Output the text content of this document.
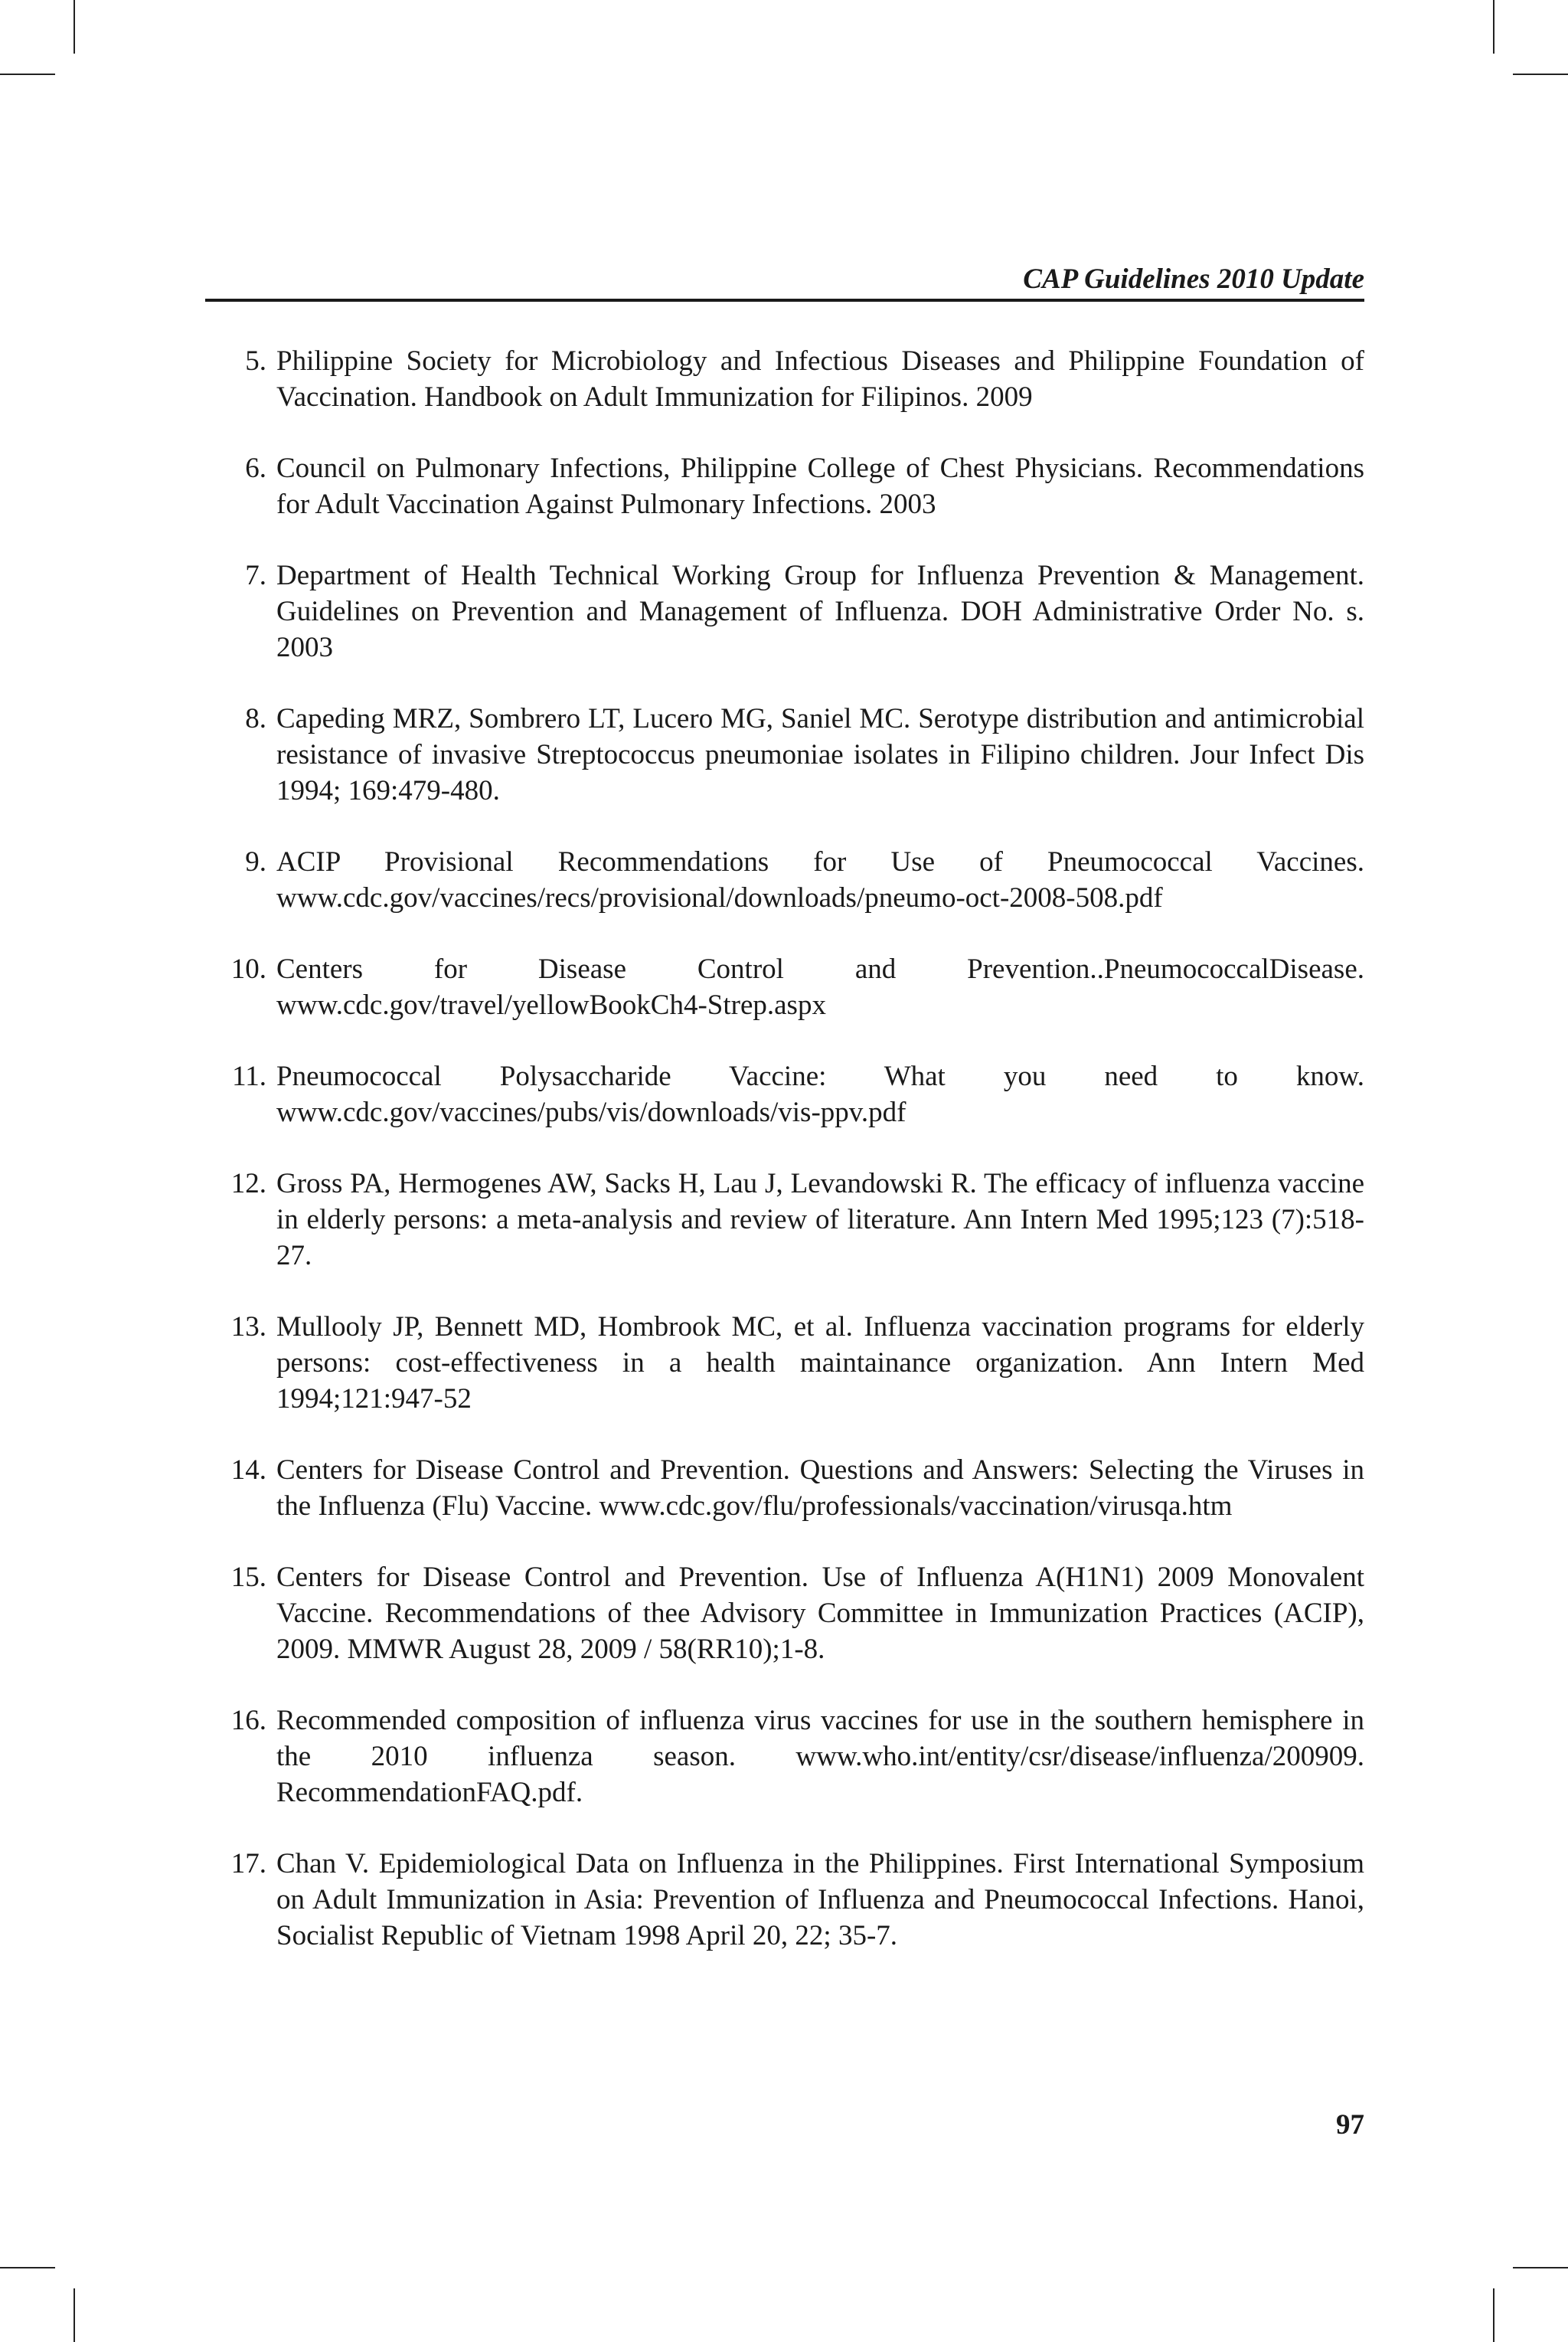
CAP Guidelines 2010 Update
5. Philippine Society for Microbiology and Infectious Diseases and Philippine Foundation of Vaccination. Handbook on Adult Immunization for Filipinos. 2009
6. Council on Pulmonary Infections, Philippine College of Chest Physicians. Recommendations for Adult Vaccination Against Pulmonary Infections. 2003
7. Department of Health Technical Working Group for Influenza Prevention & Management. Guidelines on Prevention and Management of Influenza. DOH Administrative Order No. s. 2003
8. Capeding MRZ, Sombrero LT, Lucero MG, Saniel MC. Serotype distribution and antimicrobial resistance of invasive Streptococcus pneumoniae isolates in Filipino children. Jour Infect Dis 1994; 169:479-480.
9. ACIP Provisional Recommendations for Use of Pneumococcal Vaccines. www.cdc.gov/vaccines/recs/provisional/downloads/pneumo-oct-2008-508.pdf
10. Centers for Disease Control and Prevention..PneumococcalDisease. www.cdc.gov/travel/yellowBookCh4-Strep.aspx
11. Pneumococcal Polysaccharide Vaccine: What you need to know. www.cdc.gov/vaccines/pubs/vis/downloads/vis-ppv.pdf
12. Gross PA, Hermogenes AW, Sacks H, Lau J, Levandowski R. The efficacy of influenza vaccine in elderly persons: a meta-analysis and review of literature. Ann Intern Med 1995;123 (7):518-27.
13. Mullooly JP, Bennett MD, Hombrook MC, et al. Influenza vaccination programs for elderly persons: cost-effectiveness in a health maintainance organization. Ann Intern Med 1994;121:947-52
14. Centers for Disease Control and Prevention. Questions and Answers: Selecting the Viruses in the Influenza (Flu) Vaccine. www.cdc.gov/flu/professionals/vaccination/virusqa.htm
15. Centers for Disease Control and Prevention. Use of Influenza A(H1N1) 2009 Monovalent Vaccine. Recommendations of thee Advisory Committee in Immunization Practices (ACIP), 2009. MMWR August 28, 2009 / 58(RR10);1-8.
16. Recommended composition of influenza virus vaccines for use in the southern hemisphere in the 2010 influenza season. www.who.int/entity/csr/disease/influenza/200909. RecommendationFAQ.pdf.
17. Chan V. Epidemiological Data on Influenza in the Philippines. First International Symposium on Adult Immunization in Asia: Prevention of Influenza and Pneumococcal Infections. Hanoi, Socialist Republic of Vietnam 1998 April 20, 22; 35-7.
97
